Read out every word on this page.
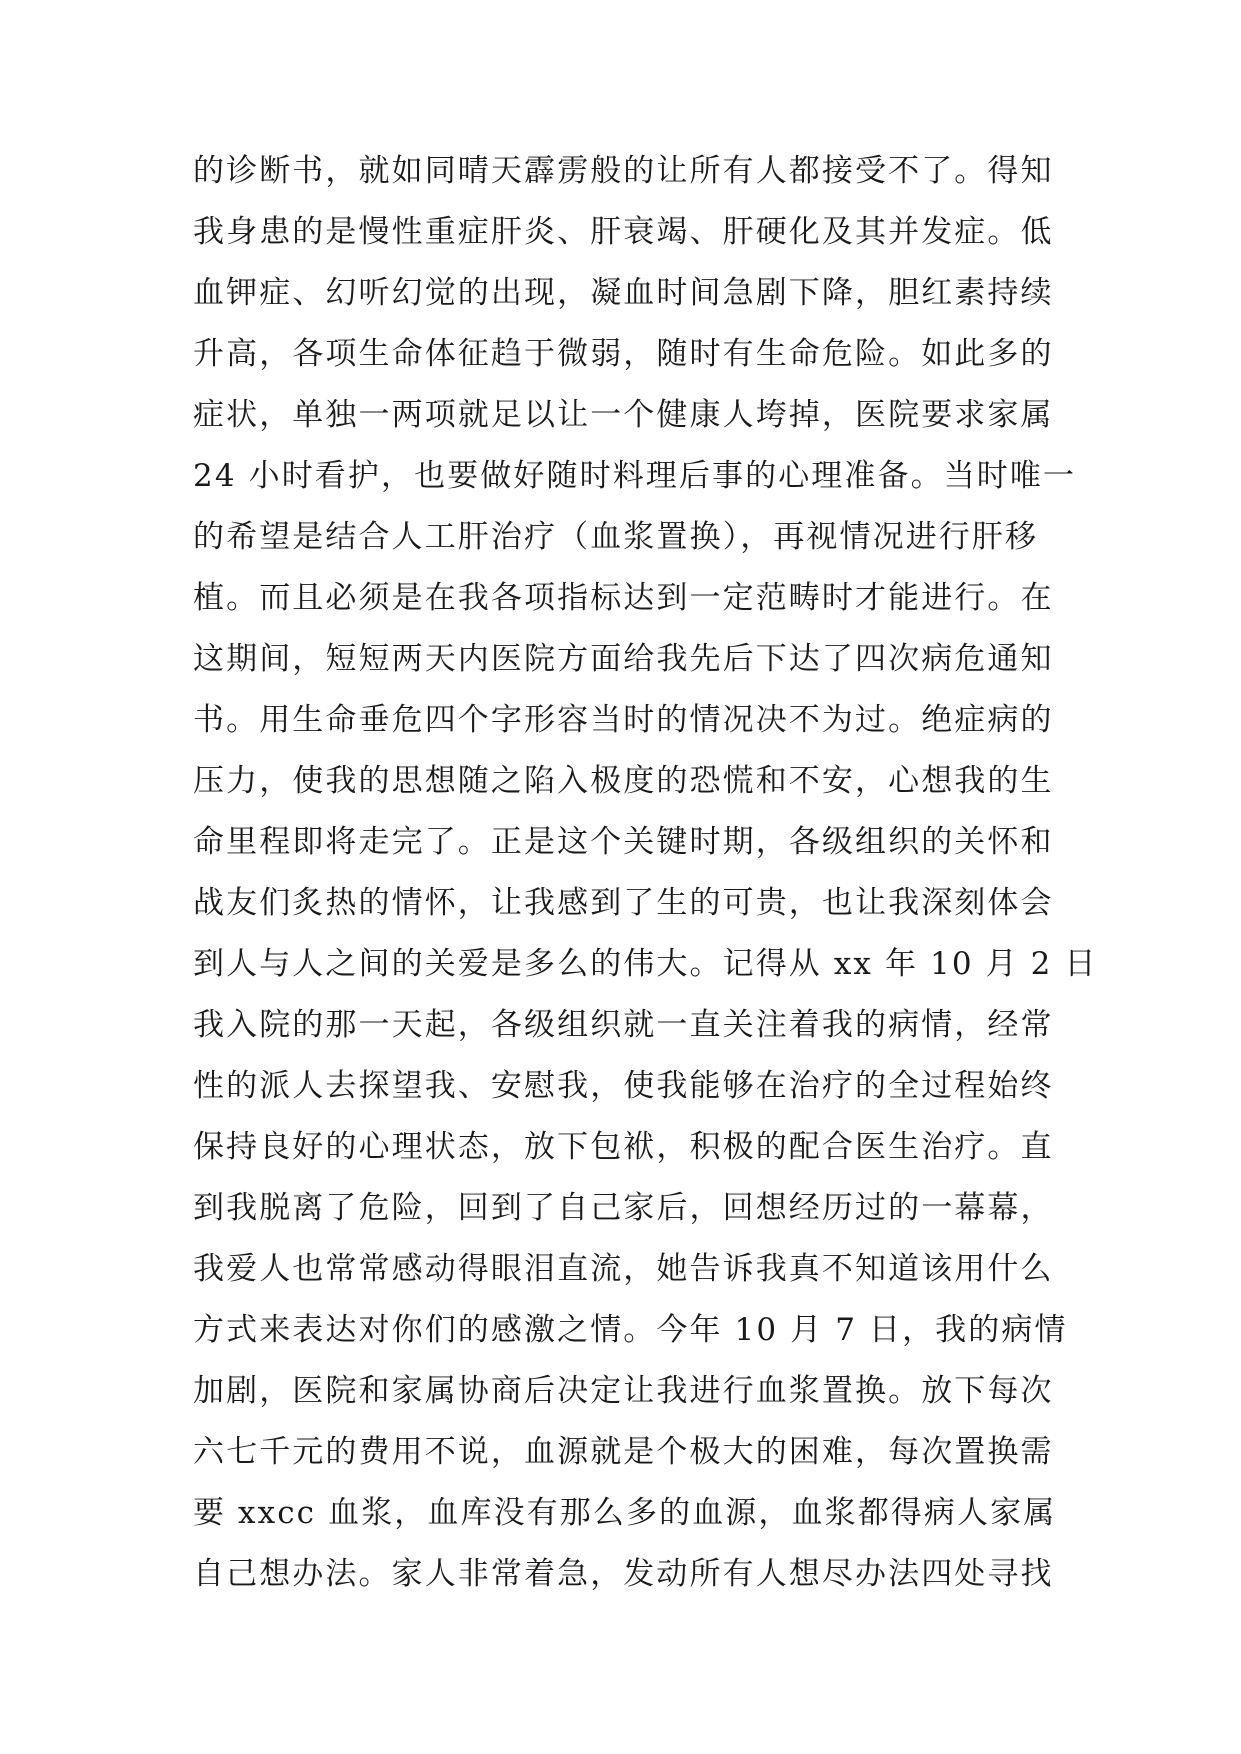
的诊断书，就如同晴天霹雳般的让所有人都接受不了。得知
我身患的是慢性重症肝炎、肝衰竭、肝硬化及其并发症。低
血钾症、幻听幻觉的出现，凝血时间急剧下降，胆红素持续
升高，各项生命体征趋于微弱，随时有生命危险。如此多的
症状，单独一两项就足以让一个健康人垮掉，医院要求家属
24 小时看护，也要做好随时料理后事的心理准备。当时唯一
的希望是结合人工肝治疗（血浆置换），再视情况进行肝移
植。而且必须是在我各项指标达到一定范畴时才能进行。在
这期间，短短两天内医院方面给我先后下达了四次病危通知
书。用生命垂危四个字形容当时的情况决不为过。绝症病的
压力，使我的思想随之陷入极度的恐慌和不安，心想我的生
命里程即将走完了。正是这个关键时期，各级组织的关怀和
战友们炙热的情怀，让我感到了生的可贵，也让我深刻体会
到人与人之间的关爱是多么的伟大。记得从 xx 年 10 月 2 日
我入院的那一天起，各级组织就一直关注着我的病情，经常
性的派人去探望我、安慰我，使我能够在治疗的全过程始终
保持良好的心理状态，放下包袱，积极的配合医生治疗。直
到我脱离了危险，回到了自己家后，回想经历过的一幕幕，
我爱人也常常感动得眼泪直流，她告诉我真不知道该用什么
方式来表达对你们的感激之情。今年 10 月 7 日，我的病情
加剧，医院和家属协商后决定让我进行血浆置换。放下每次
六七千元的费用不说，血源就是个极大的困难，每次置换需
要 xxcc 血浆，血库没有那么多的血源，血浆都得病人家属
自己想办法。家人非常着急，发动所有人想尽办法四处寻找
